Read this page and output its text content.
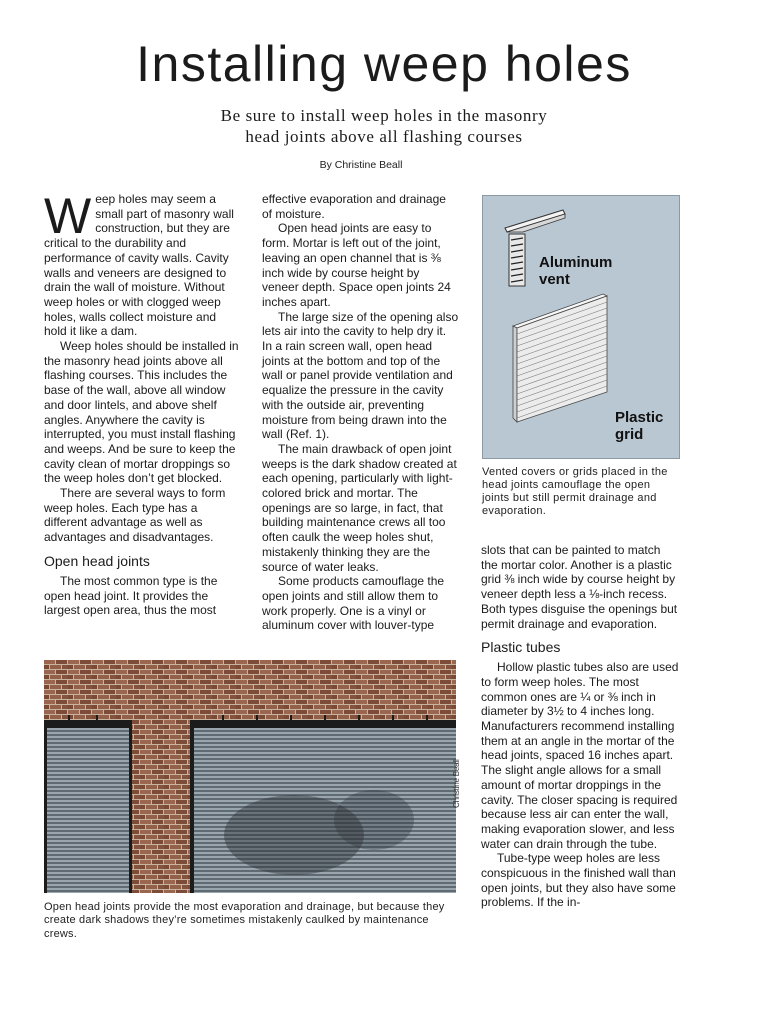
Installing weep holes
Be sure to install weep holes in the masonry
head joints above all flashing courses
By Christine Beall

Weep holes may seem a small part of masonry wall construction, but they are critical to the durability and performance of cavity walls. Cavity walls and veneers are designed to drain the wall of moisture. Without weep holes or with clogged weep holes, walls collect moisture and hold it like a dam.

Weep holes should be installed in the masonry head joints above all flashing courses. This includes the base of the wall, above all window and door lintels, and above shelf angles. Anywhere the cavity is interrupted, you must install flashing and weeps. And be sure to keep the cavity clean of mortar droppings so the weep holes don’t get blocked.

There are several ways to form weep holes. Each type has a different advantage as well as advantages and disadvantages.

Open head joints

The most common type is the open head joint. It provides the largest open area, thus the most

effective evaporation and drainage of moisture.

Open head joints are easy to form. Mortar is left out of the joint, leaving an open channel that is ⅜ inch wide by course height by veneer depth. Space open joints 24 inches apart.

The large size of the opening also lets air into the cavity to help dry it. In a rain screen wall, open head joints at the bottom and top of the wall or panel provide ventilation and equalize the pressure in the cavity with the outside air, preventing moisture from being drawn into the wall (Ref. 1).

The main drawback of open joint weeps is the dark shadow created at each opening, particularly with light-colored brick and mortar. The openings are so large, in fact, that building maintenance crews all too often caulk the weep holes shut, mistakenly thinking they are the source of water leaks.

Some products camouflage the open joints and still allow them to work properly. One is a vinyl or aluminum cover with louver-type

Aluminum
vent
Plastic
grid
Vented covers or grids placed in the head joints camouflage the open joints but still permit drainage and evaporation.

slots that can be painted to match the mortar color. Another is a plastic grid ⅜ inch wide by course height by veneer depth less a ⅛-inch recess. Both types disguise the openings but permit drainage and evaporation.

Plastic tubes

Hollow plastic tubes also are used to form weep holes. The most common ones are ¼ or ⅜ inch in diameter by 3½ to 4 inches long. Manufacturers recommend installing them at an angle in the mortar of the head joints, spaced 16 inches apart. The slight angle allows for a small amount of mortar droppings in the cavity. The closer spacing is required because less air can enter the wall, making evaporation slower, and less water can drain through the tube.

Tube-type weep holes are less conspicuous in the finished wall than open joints, but they also have some problems. If the in-

Christine Beall
Open head joints provide the most evaporation and drainage, but because they create dark shadows they’re sometimes mistakenly caulked by maintenance crews.
